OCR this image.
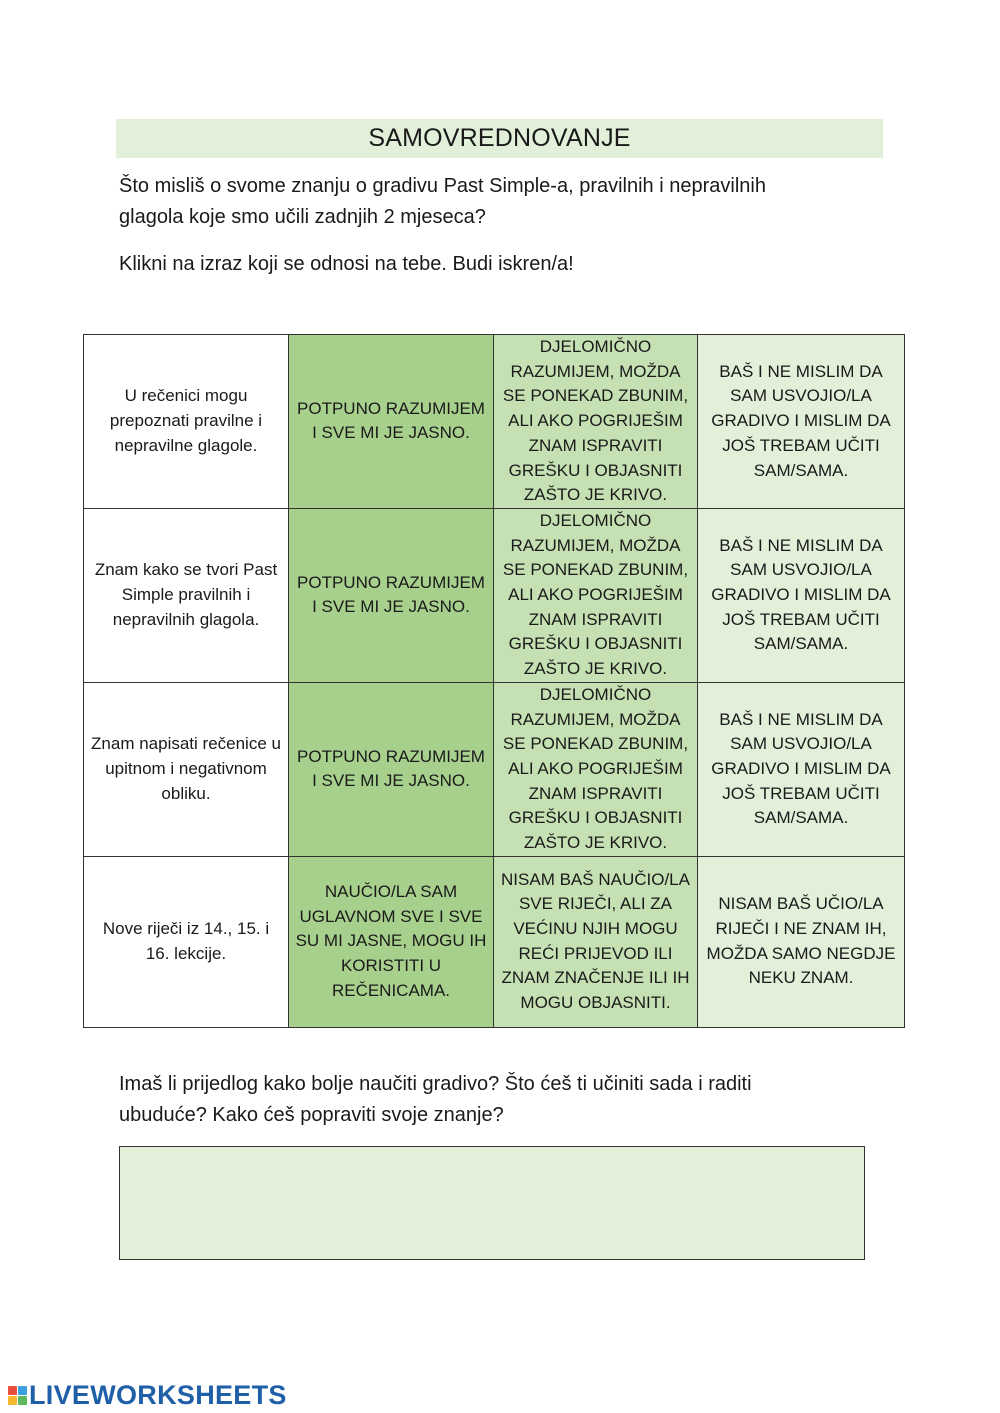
SAMOVREDNOVANJE

Što misliš o svome znanju o gradivu Past Simple-a, pravilnih i nepravilnih
glagola koje smo učili zadnjih 2 mjeseca?

Klikni na izraz koji se odnosi na tebe. Budi iskren/a!

U rečenici mogu prepoznati pravilne i nepravilne glagole.	POTPUNO RAZUMIJEM I SVE MI JE JASNO.	DJELOMIČNO RAZUMIJEM, MOŽDA SE PONEKAD ZBUNIM, ALI AKO POGRIJEŠIM ZNAM ISPRAVITI GREŠKU I OBJASNITI ZAŠTO JE KRIVO.	BAŠ I NE MISLIM DA SAM USVOJIO/LA GRADIVO I MISLIM DA JOŠ TREBAM UČITI SAM/SAMA.
Znam kako se tvori Past Simple pravilnih i nepravilnih glagola.	POTPUNO RAZUMIJEM I SVE MI JE JASNO.	DJELOMIČNO RAZUMIJEM, MOŽDA SE PONEKAD ZBUNIM, ALI AKO POGRIJEŠIM ZNAM ISPRAVITI GREŠKU I OBJASNITI ZAŠTO JE KRIVO.	BAŠ I NE MISLIM DA SAM USVOJIO/LA GRADIVO I MISLIM DA JOŠ TREBAM UČITI SAM/SAMA.
Znam napisati rečenice u upitnom i negativnom obliku.	POTPUNO RAZUMIJEM I SVE MI JE JASNO.	DJELOMIČNO RAZUMIJEM, MOŽDA SE PONEKAD ZBUNIM, ALI AKO POGRIJEŠIM ZNAM ISPRAVITI GREŠKU I OBJASNITI ZAŠTO JE KRIVO.	BAŠ I NE MISLIM DA SAM USVOJIO/LA GRADIVO I MISLIM DA JOŠ TREBAM UČITI SAM/SAMA.
Nove riječi iz 14., 15. i 16. lekcije.	NAUČIO/LA SAM UGLAVNOM SVE I SVE SU MI JASNE, MOGU IH KORISTITI U REČENICAMA.	NISAM BAŠ NAUČIO/LA SVE RIJEČI, ALI ZA VEĆINU NJIH MOGU REĆI PRIJEVOD ILI ZNAM ZNAČENJE ILI IH MOGU OBJASNITI.	NISAM BAŠ UČIO/LA RIJEČI I NE ZNAM IH, MOŽDA SAMO NEGDJE NEKU ZNAM.
Imaš li prijedlog kako bolje naučiti gradivo? Što ćeš ti učiniti sada i raditi
ubuduće? Kako ćeš popraviti svoje znanje?
LIVEWORKSHEETS
